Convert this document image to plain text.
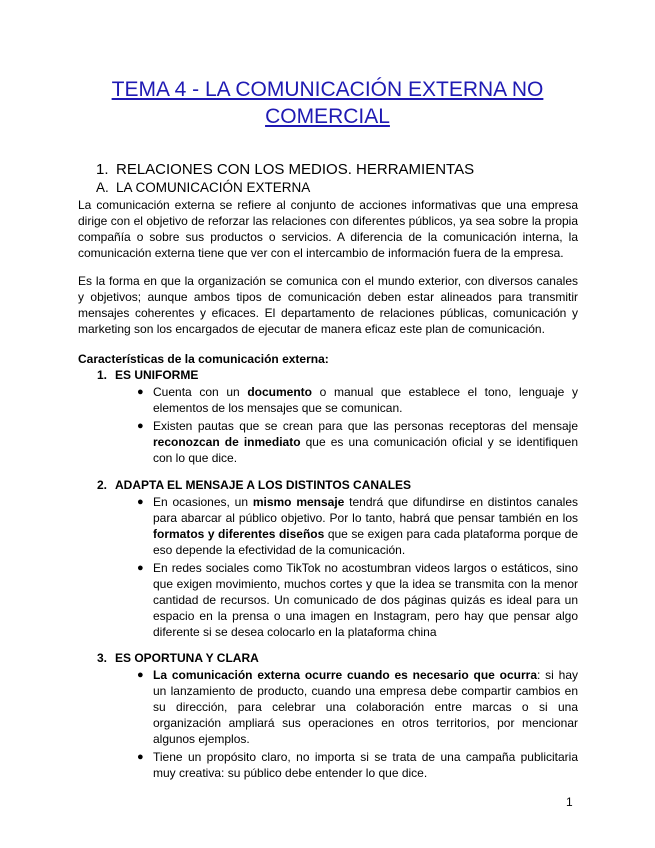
TEMA 4 - LA COMUNICACIÓN EXTERNA NO
COMERCIAL
1. RELACIONES CON LOS MEDIOS. HERRAMIENTAS
A. LA COMUNICACIÓN EXTERNA

La comunicación externa se refiere al conjunto de acciones informativas que una empresa dirige con el objetivo de reforzar las relaciones con diferentes públicos, ya sea sobre la propia compañía o sobre sus productos o servicios. A diferencia de la comunicación interna, la comunicación externa tiene que ver con el intercambio de información fuera de la empresa.

Es la forma en que la organización se comunica con el mundo exterior, con diversos canales y objetivos; aunque ambos tipos de comunicación deben estar alineados para transmitir mensajes coherentes y eficaces. El departamento de relaciones públicas, comunicación y marketing son los encargados de ejecutar de manera eficaz este plan de comunicación.

Características de la comunicación externa:

1. ES UNIFORME

● Cuenta con un documento o manual que establece el tono, lenguaje y elementos de los mensajes que se comunican.
● Existen pautas que se crean para que las personas receptoras del mensaje reconozcan de inmediato que es una comunicación oficial y se identifiquen con lo que dice.

2. ADAPTA EL MENSAJE A LOS DISTINTOS CANALES

● En ocasiones, un mismo mensaje tendrá que difundirse en distintos canales para abarcar al público objetivo. Por lo tanto, habrá que pensar también en los formatos y diferentes diseños que se exigen para cada plataforma porque de eso depende la efectividad de la comunicación.
● En redes sociales como TikTok no acostumbran videos largos o estáticos, sino que exigen movimiento, muchos cortes y que la idea se transmita con la menor cantidad de recursos. Un comunicado de dos páginas quizás es ideal para un espacio en la prensa o una imagen en Instagram, pero hay que pensar algo diferente si se desea colocarlo en la plataforma china

3. ES OPORTUNA Y CLARA

● La comunicación externa ocurre cuando es necesario que ocurra: si hay un lanzamiento de producto, cuando una empresa debe compartir cambios en su dirección, para celebrar una colaboración entre marcas o si una organización ampliará sus operaciones en otros territorios, por mencionar algunos ejemplos.
● Tiene un propósito claro, no importa si se trata de una campaña publicitaria muy creativa: su público debe entender lo que dice.

1
